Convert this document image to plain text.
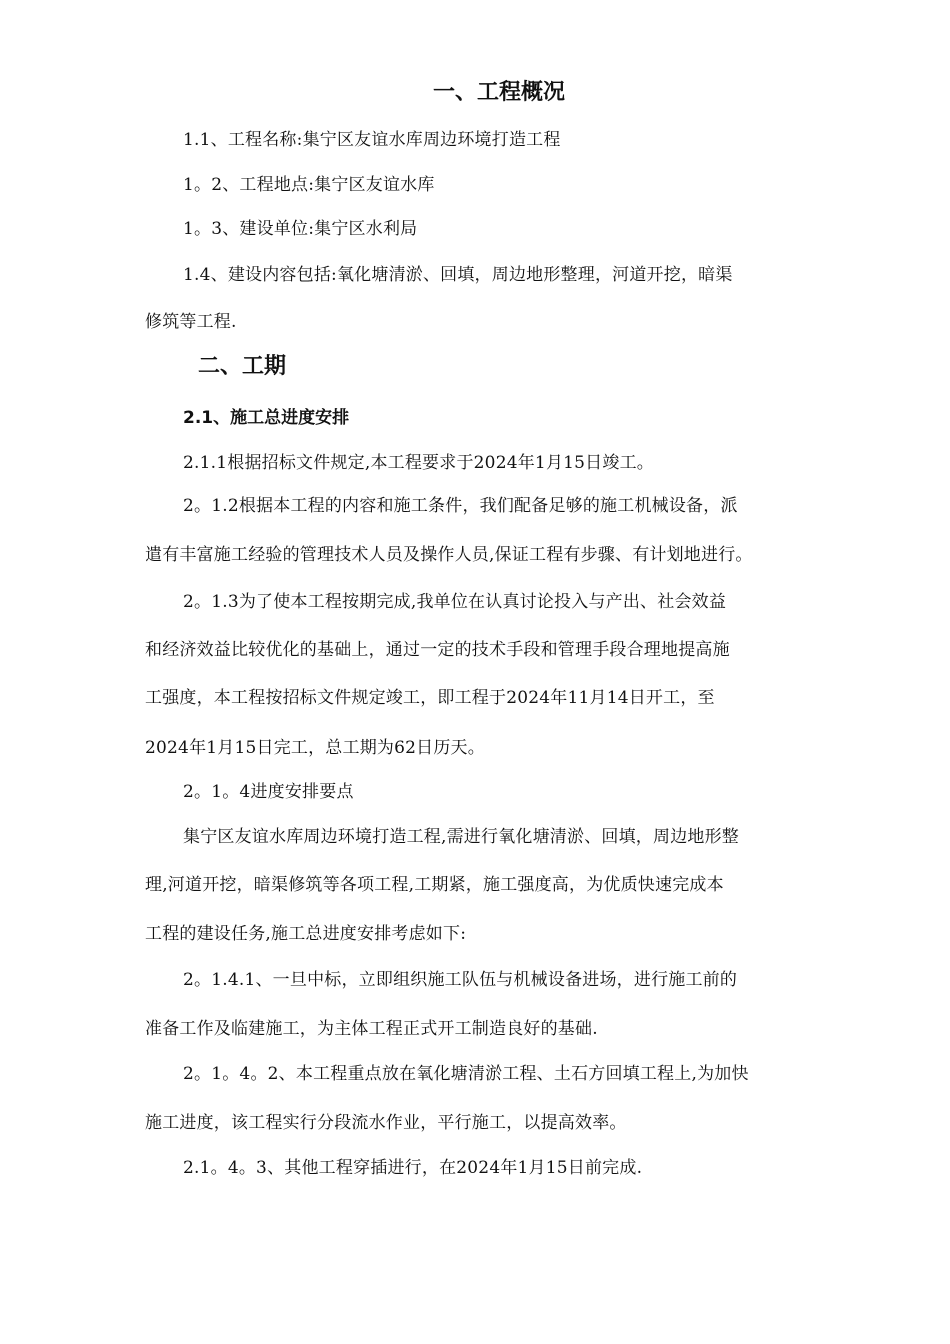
一、工程概况
1.1、工程名称:集宁区友谊水库周边环境打造工程
1。2、工程地点:集宁区友谊水库
1。3、建设单位:集宁区水利局
1.4、建设内容包括:氧化塘清淤、回填，周边地形整理，河道开挖，暗渠
修筑等工程.
二、工期
2.1、施工总进度安排
2.1.1根据招标文件规定,本工程要求于2024年1月15日竣工。
2。1.2根据本工程的内容和施工条件，我们配备足够的施工机械设备，派
遣有丰富施工经验的管理技术人员及操作人员,保证工程有步骤、有计划地进行。
2。1.3为了使本工程按期完成,我单位在认真讨论投入与产出、社会效益
和经济效益比较优化的基础上，通过一定的技术手段和管理手段合理地提高施
工强度，本工程按招标文件规定竣工，即工程于2024年11月14日开工，至
2024年1月15日完工，总工期为62日历天。
2。1。4进度安排要点
集宁区友谊水库周边环境打造工程,需进行氧化塘清淤、回填，周边地形整
理,河道开挖，暗渠修筑等各项工程,工期紧，施工强度高，为优质快速完成本
工程的建设任务,施工总进度安排考虑如下:
2。1.4.1、一旦中标，立即组织施工队伍与机械设备进场，进行施工前的
准备工作及临建施工，为主体工程正式开工制造良好的基础.
2。1。4。2、本工程重点放在氧化塘清淤工程、土石方回填工程上,为加快
施工进度，该工程实行分段流水作业，平行施工，以提高效率。
2.1。4。3、其他工程穿插进行，在2024年1月15日前完成.
